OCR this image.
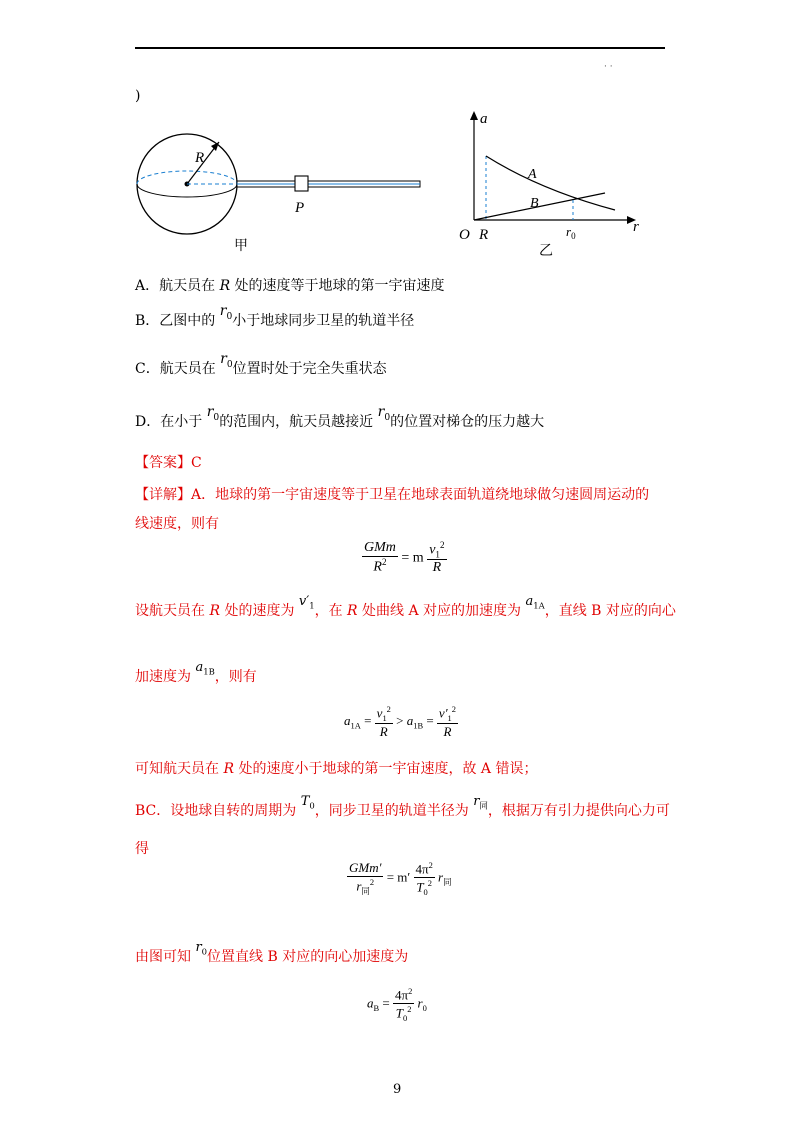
· ·
)
R
P
甲
a
r
A
B
O R	$r_0$
乙
A．航天员在 R 处的速度等于地球的第一宇宙速度
B．乙图中的 $r_0$小于地球同步卫星的轨道半径
C．航天员在 $r_0$位置时处于完全失重状态
D．在小于 $r_0$的范围内，航天员越接近 $r_0$的位置对梯仓的压力越大
【答案】C
【详解】A．地球的第一宇宙速度等于卫星在地球表面轨道绕地球做匀速圆周运动的
线速度，则有
$\frac{\text{GMm}}{R^2} = m \frac{v_1^2}{R}$
设航天员在 R 处的速度为 $v'_1$，在 R 处曲线 A 对应的加速度为 $a_{1A}$，直线 B 对应的向心
加速度为 $a_{1B}$，则有
$a_{1A} = \frac{v_1^2}{R} > a_{1B} = \frac{v'_1^2}{R}$
可知航天员在 R 处的速度小于地球的第一宇宙速度，故 A 错误；
BC．设地球自转的周期为 $T_0$，同步卫星的轨道半径为 $r_同$，根据万有引力提供向心力可
得
$\frac{\text{GMm′}}{r_同^2} = m' \frac{4\pi^2}{T_0^2} r_同$
由图可知 $r_0$位置直线 B 对应的向心加速度为
$a_B = \frac{4\pi^2}{T_0^2} r_0$
9
